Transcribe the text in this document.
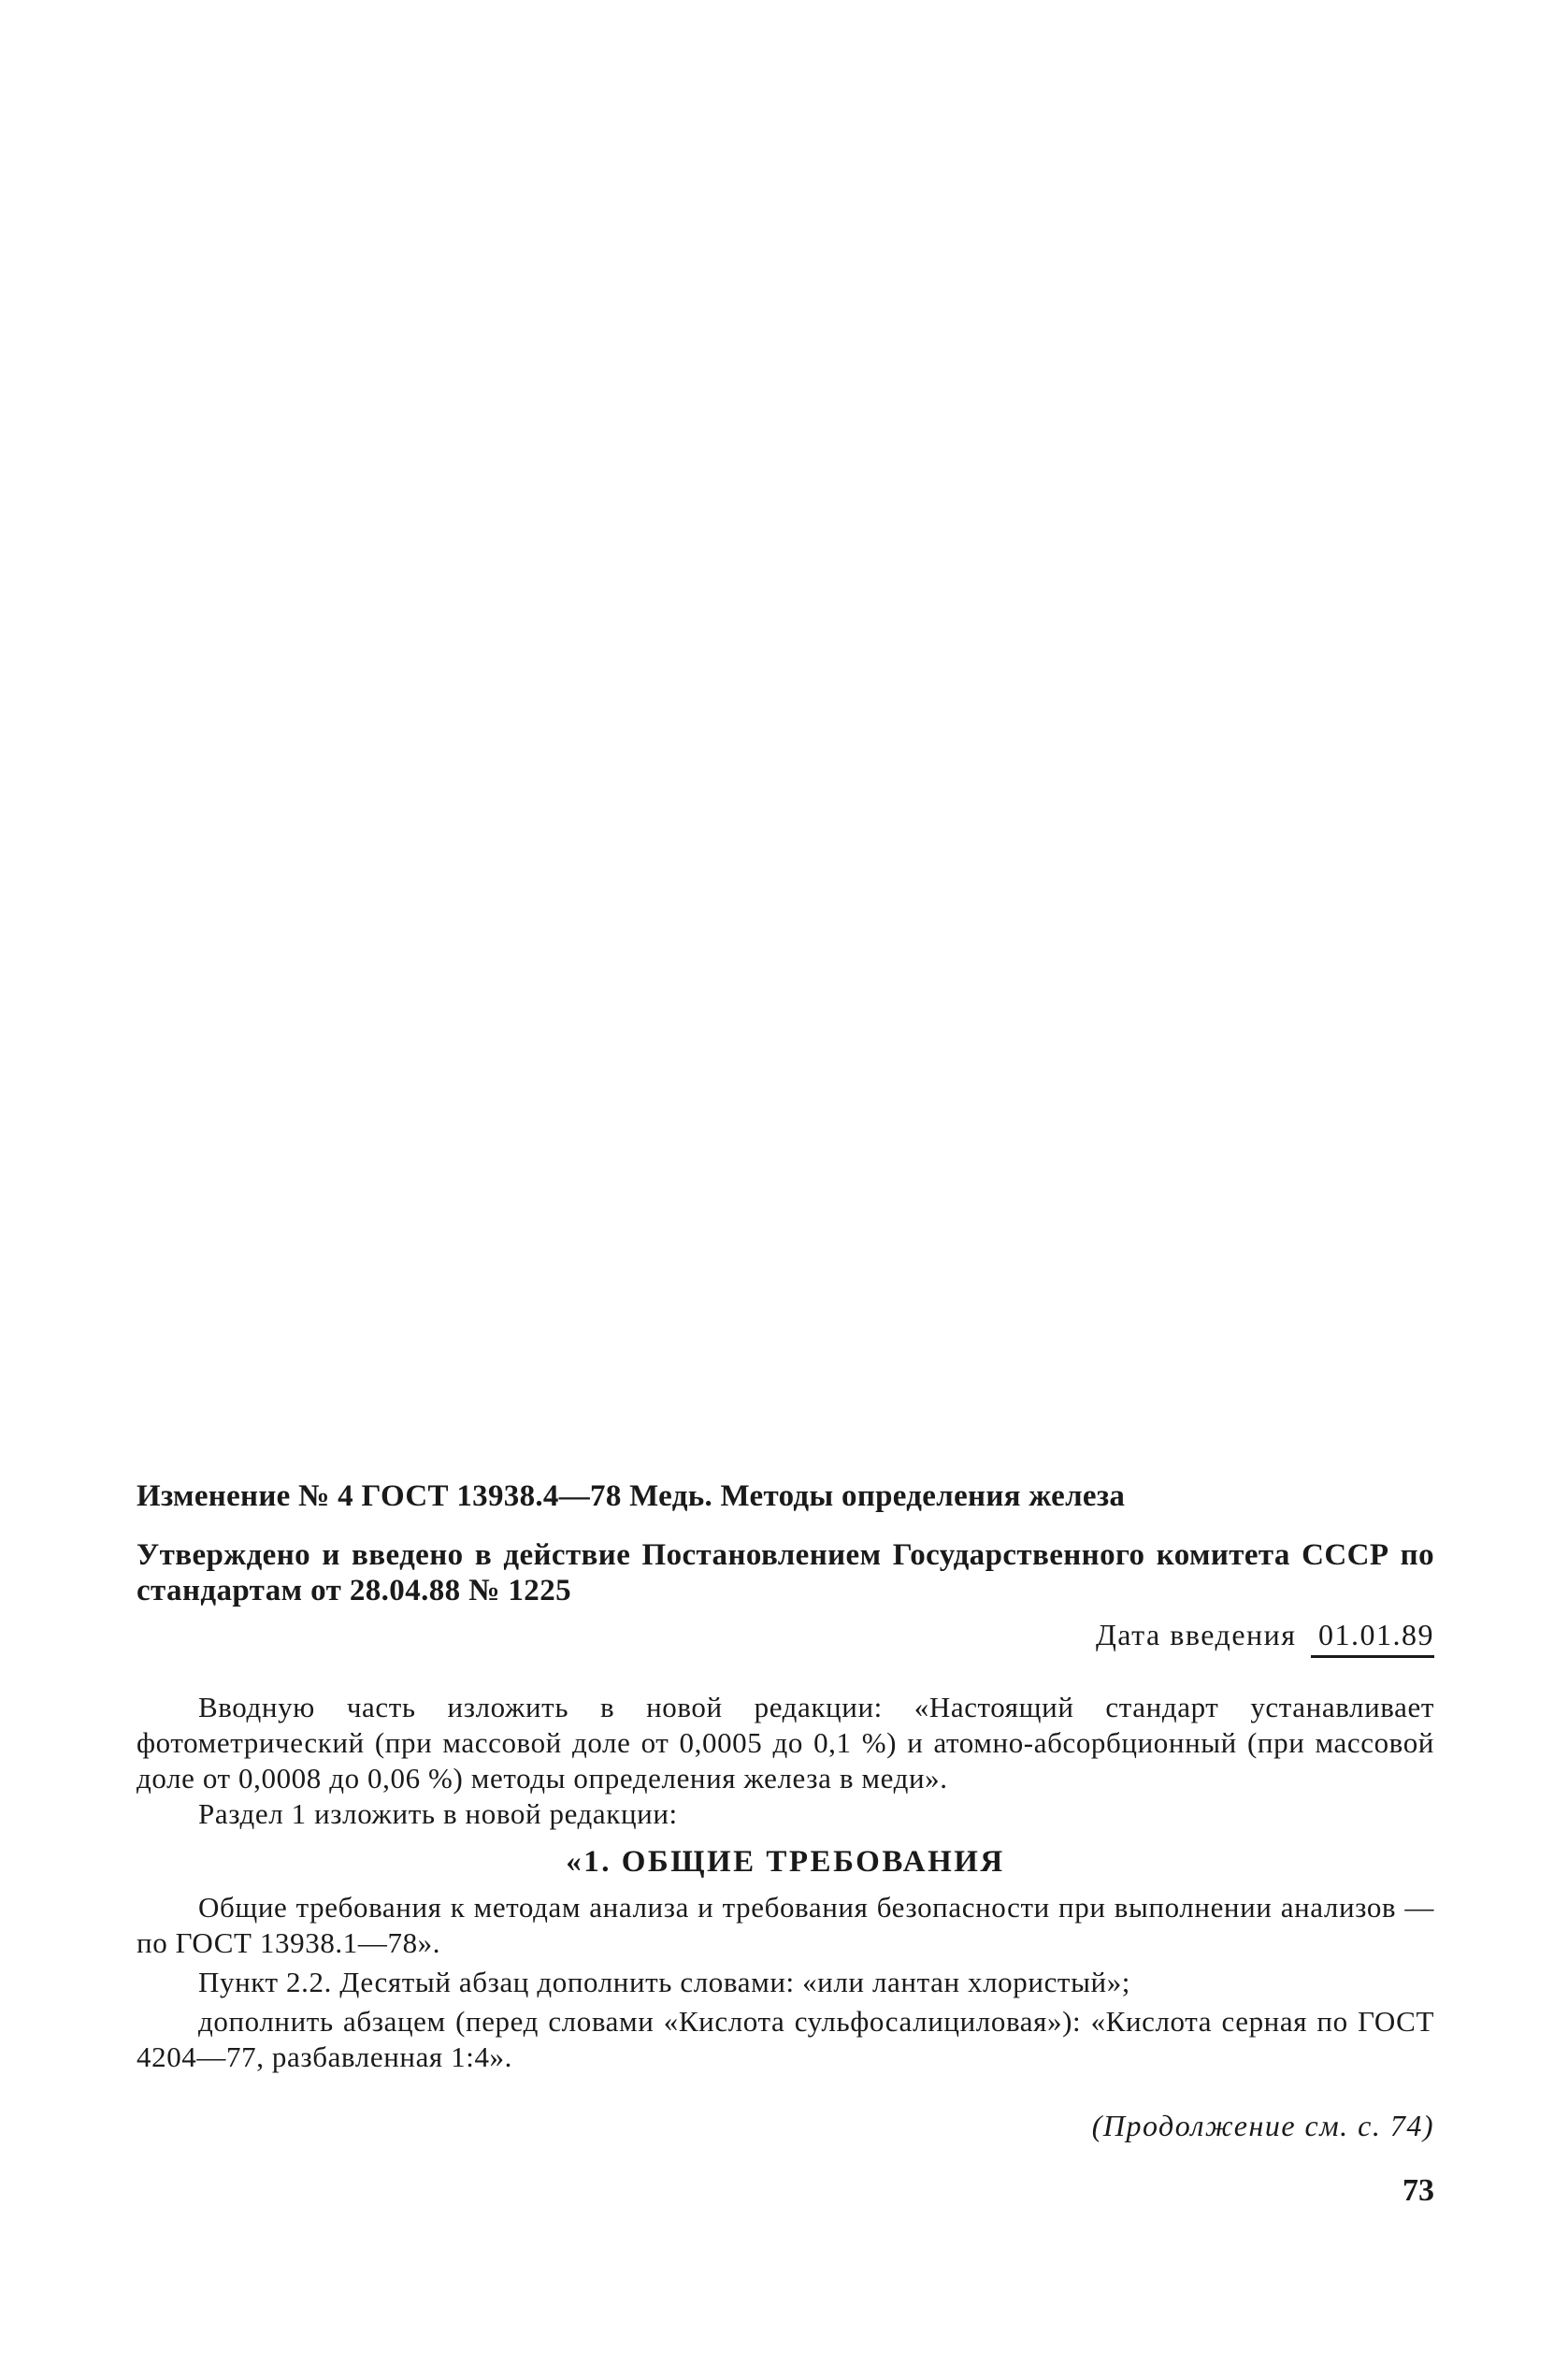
Изменение № 4 ГОСТ 13938.4—78 Медь. Методы определения железа

Утверждено и введено в действие Постановлением Государственного комитета СССР по стандартам от 28.04.88 № 1225

Дата введения 01.01.89

Вводную часть изложить в новой редакции: «Настоящий стандарт устанавливает фотометрический (при массовой доле от 0,0005 до 0,1 %) и атомно-абсорбционный (при массовой доле от 0,0008 до 0,06 %) методы определения железа в меди».

Раздел 1 изложить в новой редакции:

«1. ОБЩИЕ ТРЕБОВАНИЯ

Общие требования к методам анализа и требования безопасности при выполнении анализов — по ГОСТ 13938.1—78».

Пункт 2.2. Десятый абзац дополнить словами: «или лантан хлористый»;

дополнить абзацем (перед словами «Кислота сульфосалициловая»): «Кислота серная по ГОСТ 4204—77, разбавленная 1:4».

(Продолжение см. с. 74)

73
